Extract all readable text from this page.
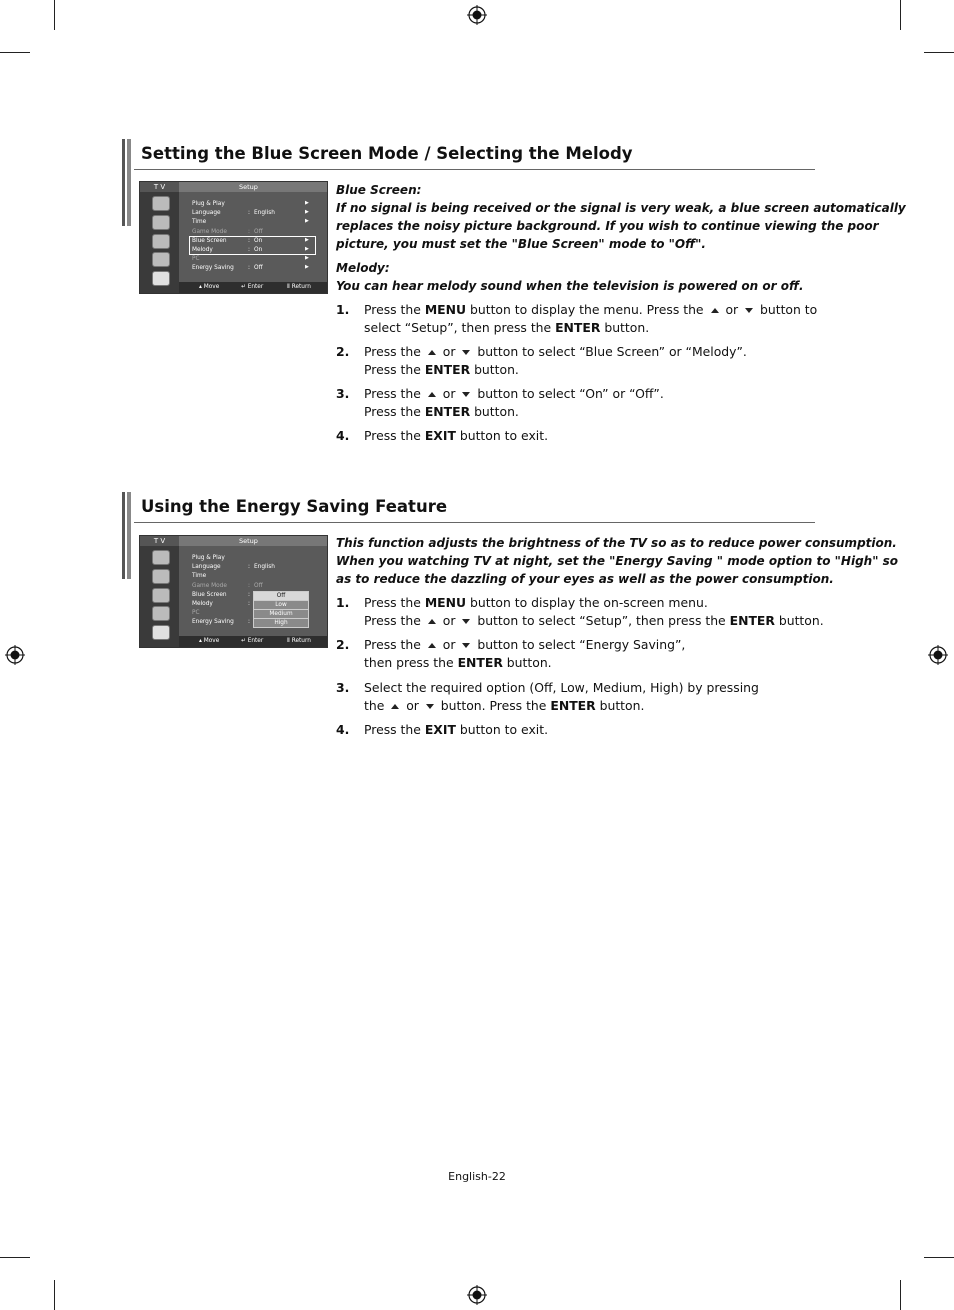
Setting the Blue Screen Mode / Selecting the Melody
T V	Setup
Plug & Play	▶
Language	: English	▶
Time	▶
Game Mode	: Off
Blue Screen	: On	▶
Melody	: On	▶
PC	▶
Energy Saving : Off	▶
▴ Move	↵ Enter	Ⅱ Return
Blue Screen:
If no signal is being received or the signal is very weak, a blue screen automatically
replaces the noisy picture background. If you wish to continue viewing the poor
picture, you must set the "Blue Screen" mode to "Off".
Melody:
You can hear melody sound when the television is powered on or off.
1. Press the MENU button to display the menu. Press the  or  button to
select “Setup”, then press the ENTER button.
2. Press the  or  button to select “Blue Screen” or “Melody”.
Press the ENTER button.
3. Press the  or  button to select “On” or “Off”.
Press the ENTER button.
4. Press the EXIT button to exit.
Using the Energy Saving Feature
T V	Setup
Plug & Play
Language	: English
Time
Game Mode	: Off
Blue Screen	:
Melody	:
PC
Energy Saving :
Off
Low
Medium
High
▴ Move	↵ Enter	Ⅱ Return
This function adjusts the brightness of the TV so as to reduce power consumption.
When you watching TV at night, set the "Energy Saving " mode option to "High" so
as to reduce the dazzling of your eyes as well as the power consumption.
1. Press the MENU button to display the on-screen menu.
Press the  or  button to select “Setup”, then press the ENTER button.
2. Press the  or  button to select “Energy Saving”,
then press the ENTER button.
3. Select the required option (Off, Low, Medium, High) by pressing
the  or  button. Press the ENTER button.
4. Press the EXIT button to exit.
English-22
